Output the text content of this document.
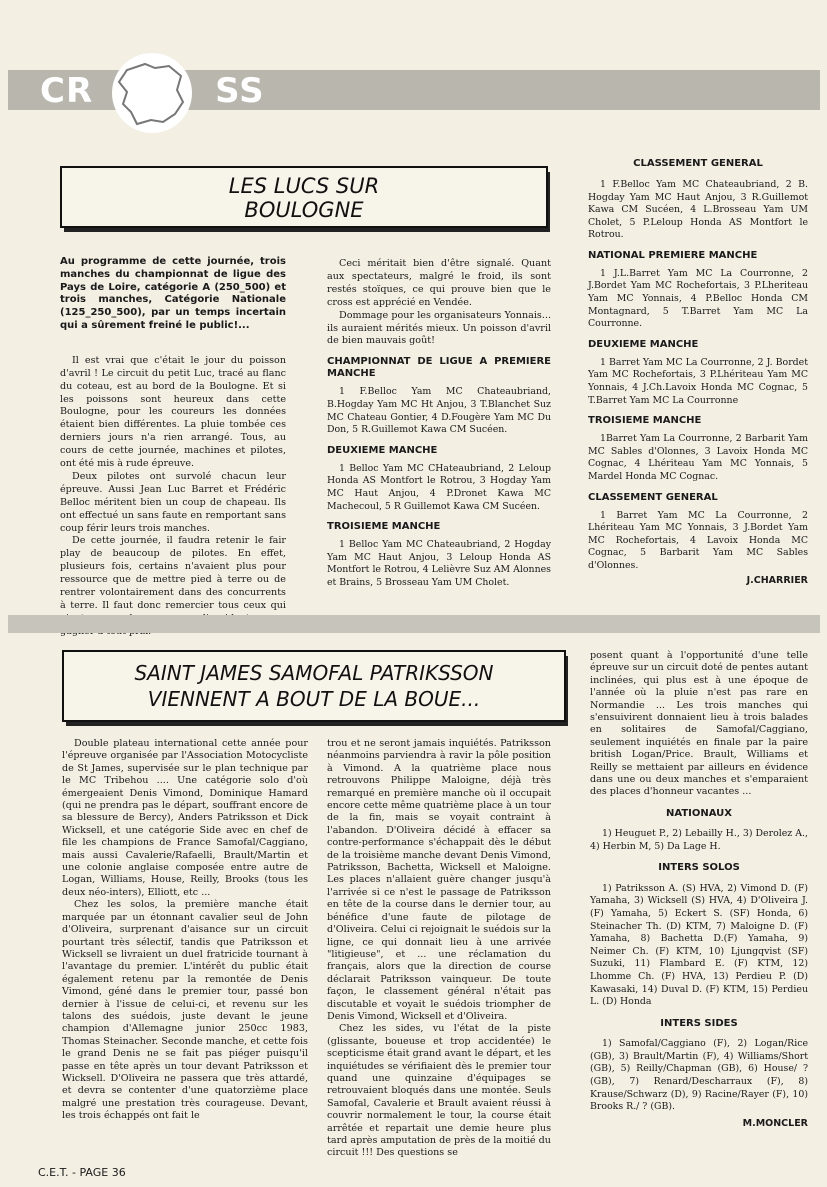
CR	SS
LES LUCS SUR
BOULOGNE
Au programme de cette journée, trois manches du championnat de ligue des Pays de Loire, catégorie A (250_500) et trois manches, Catégorie Nationale (125_250_500), par un temps incertain qui a sûrement freiné le public!...

Il est vrai que c'était le jour du poisson d'avril ! Le circuit du petit Luc, tracé au flanc du coteau, est au bord de la Boulogne. Et si les poissons sont heureux dans cette Boulogne, pour les coureurs les données étaient bien différentes. La pluie tombée ces derniers jours n'a rien arrangé. Tous, au cours de cette journée, machines et pilotes, ont été mis à rude épreuve.

Deux pilotes ont survolé chacun leur épreuve. Aussi Jean Luc Barret et Frédéric Belloc méritent bien un coup de chapeau. Ils ont effectué un sans faute en remportant sans coup férir leurs trois manches.

De cette journée, il faudra retenir le fair play de beaucoup de pilotes. En effet, plusieurs fois, certains n'avaient plus pour ressource que de mettre pied à terre ou de rentrer volontairement dans des concurrents à terre. Il faut donc remercier tous ceux qui

Ceci méritait bien d'être signalé. Quant aux spectateurs, malgré le froid, ils sont restés stoïques, ce qui prouve bien que le cross est apprécié en Vendée.

Dommage pour les organisateurs Yonnais... ils auraient mérités mieux. Un poisson d'avril de bien mauvais goût!

CHAMPIONNAT DE LIGUE A PREMIERE MANCHE

1 F.Belloc Yam MC Chateaubriand, B.Hogday Yam MC Ht Anjou, 3 T.Blanchet Suz MC Chateau Gontier, 4 D.Fougère Yam MC Du Don, 5 R.Guillemot Kawa CM Sucéen.

DEUXIEME MANCHE

1 Belloc Yam MC CHateaubriand, 2 Leloup Honda AS Montfort le Rotrou, 3 Hogday Yam MC Haut Anjou, 4 P.Dronet Kawa MC Machecoul, 5 R Guillemot Kawa CM Sucéen.

TROISIEME MANCHE

1 Belloc Yam MC Chateaubriand, 2 Hogday Yam MC Haut Anjou, 3 Leloup Honda AS Montfort le Rotrou, 4 Lelièvre Suz AM Alonnes et Brains, 5 Brosseau Yam UM Cholet.

CLASSEMENT GENERAL

1 F.Belloc Yam MC Chateaubriand, 2 B. Hogday Yam MC Haut Anjou, 3 R.Guillemot Kawa CM Sucéen, 4 L.Brosseau Yam UM Cholet, 5 P.Leloup Honda AS Montfort le Rotrou.

NATIONAL PREMIERE MANCHE

1 J.L.Barret Yam MC La Courronne, 2 J.Bordet Yam MC Rochefortais, 3 P.Lheriteau Yam MC Yonnais, 4 P.Belloc Honda CM Montagnard, 5 T.Barret Yam MC La Courronne.

DEUXIEME MANCHE

1 Barret Yam MC La Courronne, 2 J. Bordet Yam MC Rochefortais, 3 P.Lhériteau Yam MC Yonnais, 4 J.Ch.Lavoix Honda MC Cognac, 5 T.Barret Yam MC La Courronne

TROISIEME MANCHE

1Barret Yam La Courronne, 2 Barbarit Yam MC Sables d'Olonnes, 3 Lavoix Honda MC Cognac, 4 Lhériteau Yam MC Yonnais, 5 Mardel Honda MC Cognac.

CLASSEMENT GENERAL

1 Barret Yam MC La Courronne, 2 Lhériteau Yam MC Yonnais, 3 J.Bordet Yam MC Rochefortais, 4 Lavoix Honda MC Cognac, 5 Barbarit Yam MC Sables d'Olonnes.

J.CHARRIER
SAINT JAMES SAMOFAL PATRIKSSON
VIENNENT A BOUT DE LA BOUE...

Double plateau international cette année pour l'épreuve organisée par l'Association Motocycliste de St James, supervisée sur le plan technique par le MC Tribehou .... Une catégorie solo d'où émergeaient Denis Vimond, Dominique Hamard (qui ne prendra pas le départ, souffrant encore de sa blessure de Bercy), Anders Patriksson et Dick Wicksell, et une catégorie Side avec en chef de file les champions de France Samofal/Caggiano, mais aussi Cavalerie/Rafaelli, Brault/Martin et une colonie anglaise composée entre autre de Logan, Williams, House, Reilly, Brooks (tous les deux néo-inters), Elliott, etc ...

Chez les solos, la première manche était marquée par un étonnant cavalier seul de John d'Oliveira, surprenant d'aisance sur un circuit pourtant très sélectif, tandis que Patriksson et Wicksell se livraient un duel fratricide tournant à l'avantage du premier. L'intérêt du public était également retenu par la remontée de Denis Vimond, géné dans le premier tour, passé bon dernier à l'issue de celui-ci, et revenu sur les talons des suédois, juste devant le jeune champion d'Allemagne junior 250cc 1983, Thomas Steinacher. Seconde manche, et cette fois le grand Denis ne se fait pas piéger puisqu'il passe en tête après un tour devant Patriksson et Wicksell. D'Oliveira ne passera que très attardé, et devra se contenter d'une quatorzième place malgré une prestation très courageuse. Devant, les trois échappés ont fait le

trou et ne seront jamais inquiétés. Patriksson néanmoins parviendra à ravir la pôle position à Vimond. A la quatrième place nous retrouvons Philippe Maloigne, déjà très remarqué en première manche où il occupait encore cette même quatrième place à un tour de la fin, mais se voyait contraint à l'abandon. D'Oliveira décidé à effacer sa contre-performance s'échappait dès le début de la troisième manche devant Denis Vimond, Patriksson, Bachetta, Wicksell et Maloigne. Les places n'allaient guère changer jusqu'à l'arrivée si ce n'est le passage de Patriksson en tête de la course dans le dernier tour, au bénéfice d'une faute de pilotage de d'Oliveira. Celui ci rejoignait le suédois sur la ligne, ce qui donnait lieu à une arrivée "litigieuse", et ... une réclamation du français, alors que la direction de course déclarait Patriksson vainqueur. De toute façon, le classement général n'était pas discutable et voyait le suédois triompher de Denis Vimond, Wicksell et d'Oliveira.

Chez les sides, vu l'état de la piste (glissante, boueuse et trop accidentée) le scepticisme était grand avant le départ, et les inquiétudes se vérifiaient dès le premier tour quand une quinzaine d'équipages se retrouvaient bloqués dans une montée. Seuls Samofal, Cavalerie et Brault avaient réussi à couvrir normalement le tour, la course était arrêtée et repartait une demie heure plus tard après amputation de près de la moitié du circuit !!! Des questions se

posent quant à l'opportunité d'une telle épreuve sur un circuit doté de pentes autant inclinées, qui plus est à une époque de l'année où la pluie n'est pas rare en Normandie ... Les trois manches qui s'ensuivirent donnaient lieu à trois balades en solitaires de Samofal/Caggiano, seulement inquiétés en finale par la paire british Logan/Price. Brault, Williams et Reilly se mettaient par ailleurs en évidence dans une ou deux manches et s'emparaient des places d'honneur vacantes ...

NATIONAUX

1) Heuguet P., 2) Lebailly H., 3) Derolez A., 4) Herbin M, 5) Da Lage H.

INTERS SOLOS

1) Patriksson A. (S) HVA, 2) Vimond D. (F) Yamaha, 3) Wicksell (S) HVA, 4) D'Oliveira J. (F) Yamaha, 5) Eckert S. (SF) Honda, 6) Steinacher Th. (D) KTM, 7) Maloigne D. (F) Yamaha, 8) Bachetta D.(F) Yamaha, 9) Neimer Ch. (F) KTM, 10) Ljungqvist (SF) Suzuki, 11) Flambard E. (F) KTM, 12) Lhomme Ch. (F) HVA, 13) Perdieu P. (D) Kawasaki, 14) Duval D. (F) KTM, 15) Perdieu L. (D) Honda

INTERS SIDES

1) Samofal/Caggiano (F), 2) Logan/Rice (GB), 3) Brault/Martin (F), 4) Williams/Short (GB), 5) Reilly/Chapman (GB), 6) House/ ? (GB), 7) Renard/Descharraux (F), 8) Krause/Schwarz (D), 9) Racine/Rayer (F), 10) Brooks R./ ? (GB).

M.MONCLER
C.E.T. - PAGE 36
